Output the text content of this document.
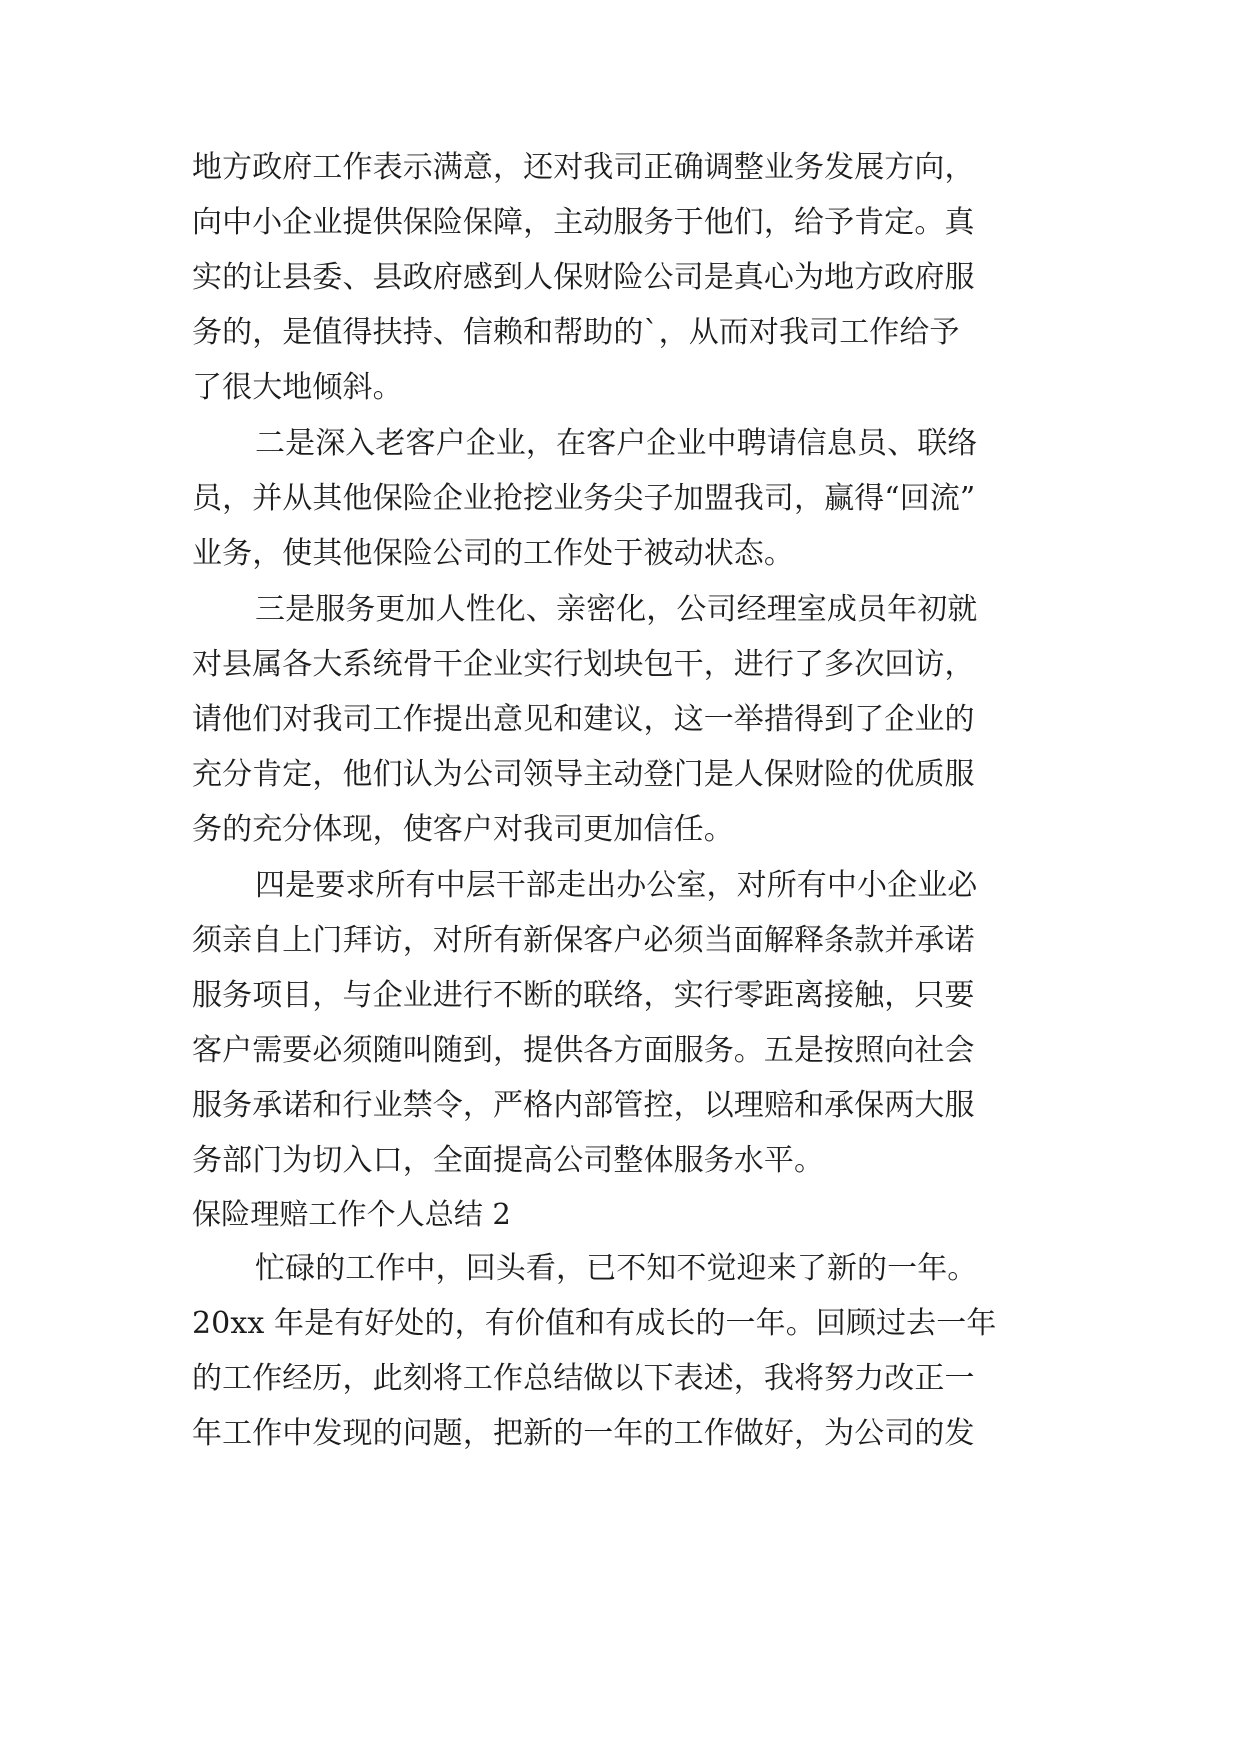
地方政府工作表示满意，还对我司正确调整业务发展方向，
向中小企业提供保险保障，主动服务于他们，给予肯定。真
实的让县委、县政府感到人保财险公司是真心为地方政府服
务的，是值得扶持、信赖和帮助的`，从而对我司工作给予
了很大地倾斜。
二是深入老客户企业，在客户企业中聘请信息员、联络
员，并从其他保险企业抢挖业务尖子加盟我司，赢得“回流”
业务，使其他保险公司的工作处于被动状态。
三是服务更加人性化、亲密化，公司经理室成员年初就
对县属各大系统骨干企业实行划块包干，进行了多次回访，
请他们对我司工作提出意见和建议，这一举措得到了企业的
充分肯定，他们认为公司领导主动登门是人保财险的优质服
务的充分体现，使客户对我司更加信任。
四是要求所有中层干部走出办公室，对所有中小企业必
须亲自上门拜访，对所有新保客户必须当面解释条款并承诺
服务项目，与企业进行不断的联络，实行零距离接触，只要
客户需要必须随叫随到，提供各方面服务。五是按照向社会
服务承诺和行业禁令，严格内部管控，以理赔和承保两大服
务部门为切入口，全面提高公司整体服务水平。
保险理赔工作个人总结 2
忙碌的工作中，回头看，已不知不觉迎来了新的一年。
20xx 年是有好处的，有价值和有成长的一年。回顾过去一年
的工作经历，此刻将工作总结做以下表述，我将努力改正一
年工作中发现的问题，把新的一年的工作做好，为公司的发
